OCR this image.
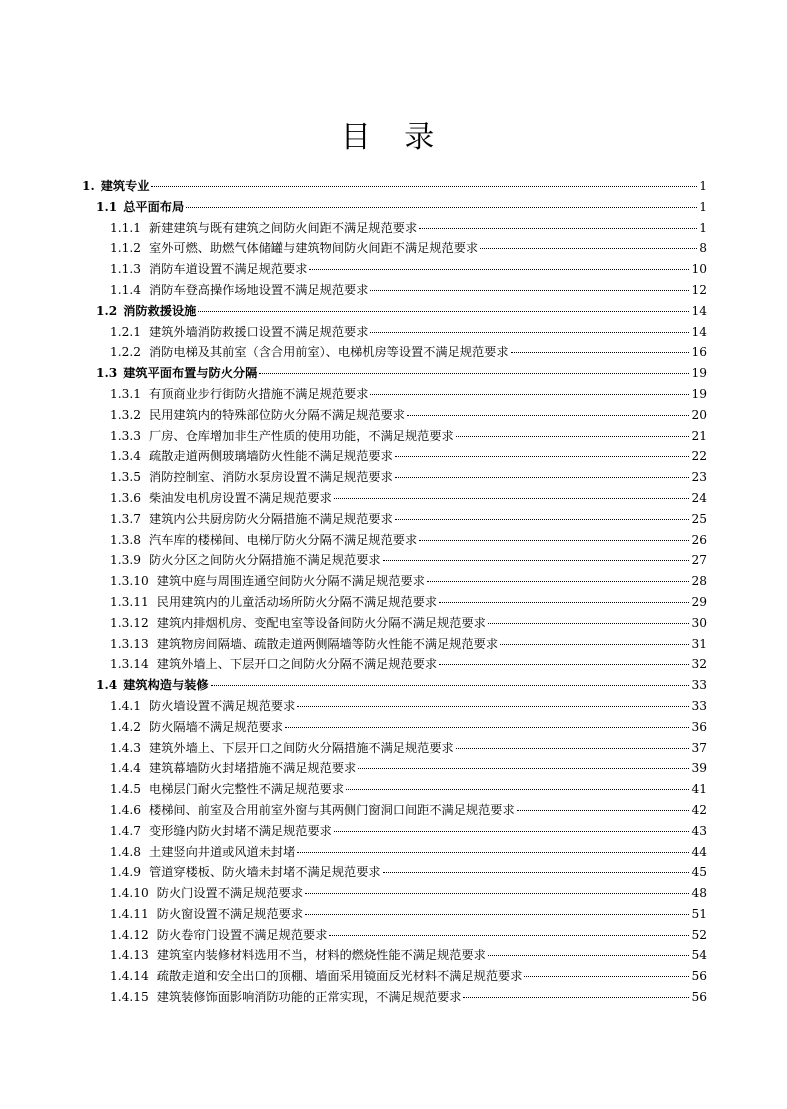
目 录
1. 建筑专业	1
1.1 总平面布局	1
1.1.1 新建建筑与既有建筑之间防火间距不满足规范要求	1
1.1.2 室外可燃、助燃气体储罐与建筑物间防火间距不满足规范要求	8
1.1.3 消防车道设置不满足规范要求	10
1.1.4 消防车登高操作场地设置不满足规范要求	12
1.2 消防救援设施	14
1.2.1 建筑外墙消防救援口设置不满足规范要求	14
1.2.2 消防电梯及其前室（含合用前室）、电梯机房等设置不满足规范要求	16
1.3 建筑平面布置与防火分隔	19
1.3.1 有顶商业步行街防火措施不满足规范要求	19
1.3.2 民用建筑内的特殊部位防火分隔不满足规范要求	20
1.3.3 厂房、仓库增加非生产性质的使用功能，不满足规范要求	21
1.3.4 疏散走道两侧玻璃墙防火性能不满足规范要求	22
1.3.5 消防控制室、消防水泵房设置不满足规范要求	23
1.3.6 柴油发电机房设置不满足规范要求	24
1.3.7 建筑内公共厨房防火分隔措施不满足规范要求	25
1.3.8 汽车库的楼梯间、电梯厅防火分隔不满足规范要求	26
1.3.9 防火分区之间防火分隔措施不满足规范要求	27
1.3.10 建筑中庭与周围连通空间防火分隔不满足规范要求	28
1.3.11 民用建筑内的儿童活动场所防火分隔不满足规范要求	29
1.3.12 建筑内排烟机房、变配电室等设备间防火分隔不满足规范要求	30
1.3.13 建筑物房间隔墙、疏散走道两侧隔墙等防火性能不满足规范要求	31
1.3.14 建筑外墙上、下层开口之间防火分隔不满足规范要求	32
1.4 建筑构造与装修	33
1.4.1 防火墙设置不满足规范要求	33
1.4.2 防火隔墙不满足规范要求	36
1.4.3 建筑外墙上、下层开口之间防火分隔措施不满足规范要求	37
1.4.4 建筑幕墙防火封堵措施不满足规范要求	39
1.4.5 电梯层门耐火完整性不满足规范要求	41
1.4.6 楼梯间、前室及合用前室外窗与其两侧门窗洞口间距不满足规范要求	42
1.4.7 变形缝内防火封堵不满足规范要求	43
1.4.8 土建竖向井道或风道未封堵	44
1.4.9 管道穿楼板、防火墙未封堵不满足规范要求	45
1.4.10 防火门设置不满足规范要求	48
1.4.11 防火窗设置不满足规范要求	51
1.4.12 防火卷帘门设置不满足规范要求	52
1.4.13 建筑室内装修材料选用不当，材料的燃烧性能不满足规范要求	54
1.4.14 疏散走道和安全出口的顶棚、墙面采用镜面反光材料不满足规范要求	56
1.4.15 建筑装修饰面影响消防功能的正常实现，不满足规范要求	56
